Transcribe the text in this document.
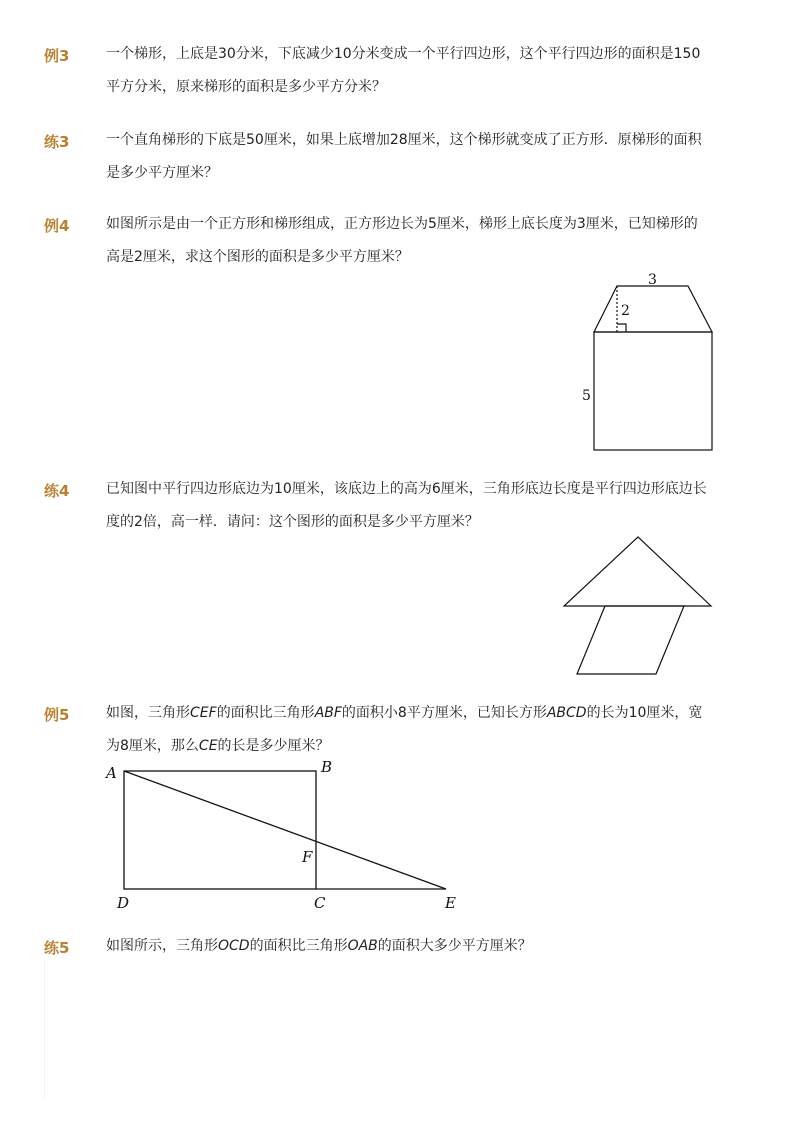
例3	一个梯形，上底是30分米，下底减少10分米变成一个平行四边形，这个平行四边形的面积是150
平方分米，原来梯形的面积是多少平方分米？
练3	一个直角梯形的下底是50厘米，如果上底增加28厘米，这个梯形就变成了正方形．原梯形的面积
是多少平方厘米？
例4	如图所示是由一个正方形和梯形组成，正方形边长为5厘米，梯形上底长度为3厘米，已知梯形的
高是2厘米，求这个图形的面积是多少平方厘米？
练4	已知图中平行四边形底边为10厘米，该底边上的高为6厘米，三角形底边长度是平行四边形底边长
度的2倍，高一样．请问：这个图形的面积是多少平方厘米？
例5	如图，三角形CEF的面积比三角形ABF的面积小8平方厘米，已知长方形ABCD的长为10厘米，宽
为8厘米，那么CE的长是多少厘米？
练5	如图所示，三角形OCD的面积比三角形OAB的面积大多少平方厘米？
3
2
5
A	B
F
D	C	E
